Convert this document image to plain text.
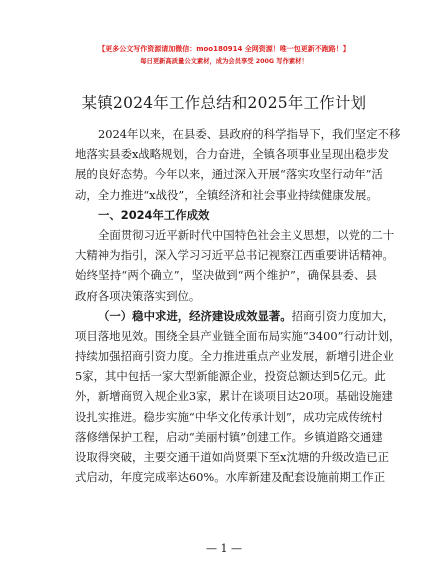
【更多公文写作资源请加微信：moo180914 全网资源！唯一包更新不跑路！】
每日更新高质量公文素材，成为会员享受 200G 写作素材！
某镇2024年工作总结和2025年工作计划
2024年以来，在县委、县政府的科学指导下，我们坚定不移
地落实县委x战略规划，合力奋进，全镇各项事业呈现出稳步发
展的良好态势。今年以来，通过深入开展“落实攻坚行动年”活
动，全力推进“x战役”，全镇经济和社会事业持续健康发展。
一、2024年工作成效
全面贯彻习近平新时代中国特色社会主义思想，以党的二十
大精神为指引，深入学习习近平总书记视察江西重要讲话精神。
始终坚持“两个确立”，坚决做到“两个维护”，确保县委、县
政府各项决策落实到位。
（一）稳中求进，经济建设成效显著。招商引资力度加大，
项目落地见效。围绕全县产业链全面布局实施“3400”行动计划，
持续加强招商引资力度。全力推进重点产业发展，新增引进企业
5家，其中包括一家大型新能源企业，投资总额达到5亿元。此
外，新增商贸入规企业3家，累计在谈项目达20项。基础设施建
设扎实推进。稳步实施“中华文化传承计划”，成功完成传统村
落修缮保护工程，启动“美丽村镇”创建工作。乡镇道路交通建
设取得突破，主要交通干道如尚贤栗下至x沈塘的升级改造已正
式启动，年度完成率达60%。水库新建及配套设施前期工作正
— 1 —
